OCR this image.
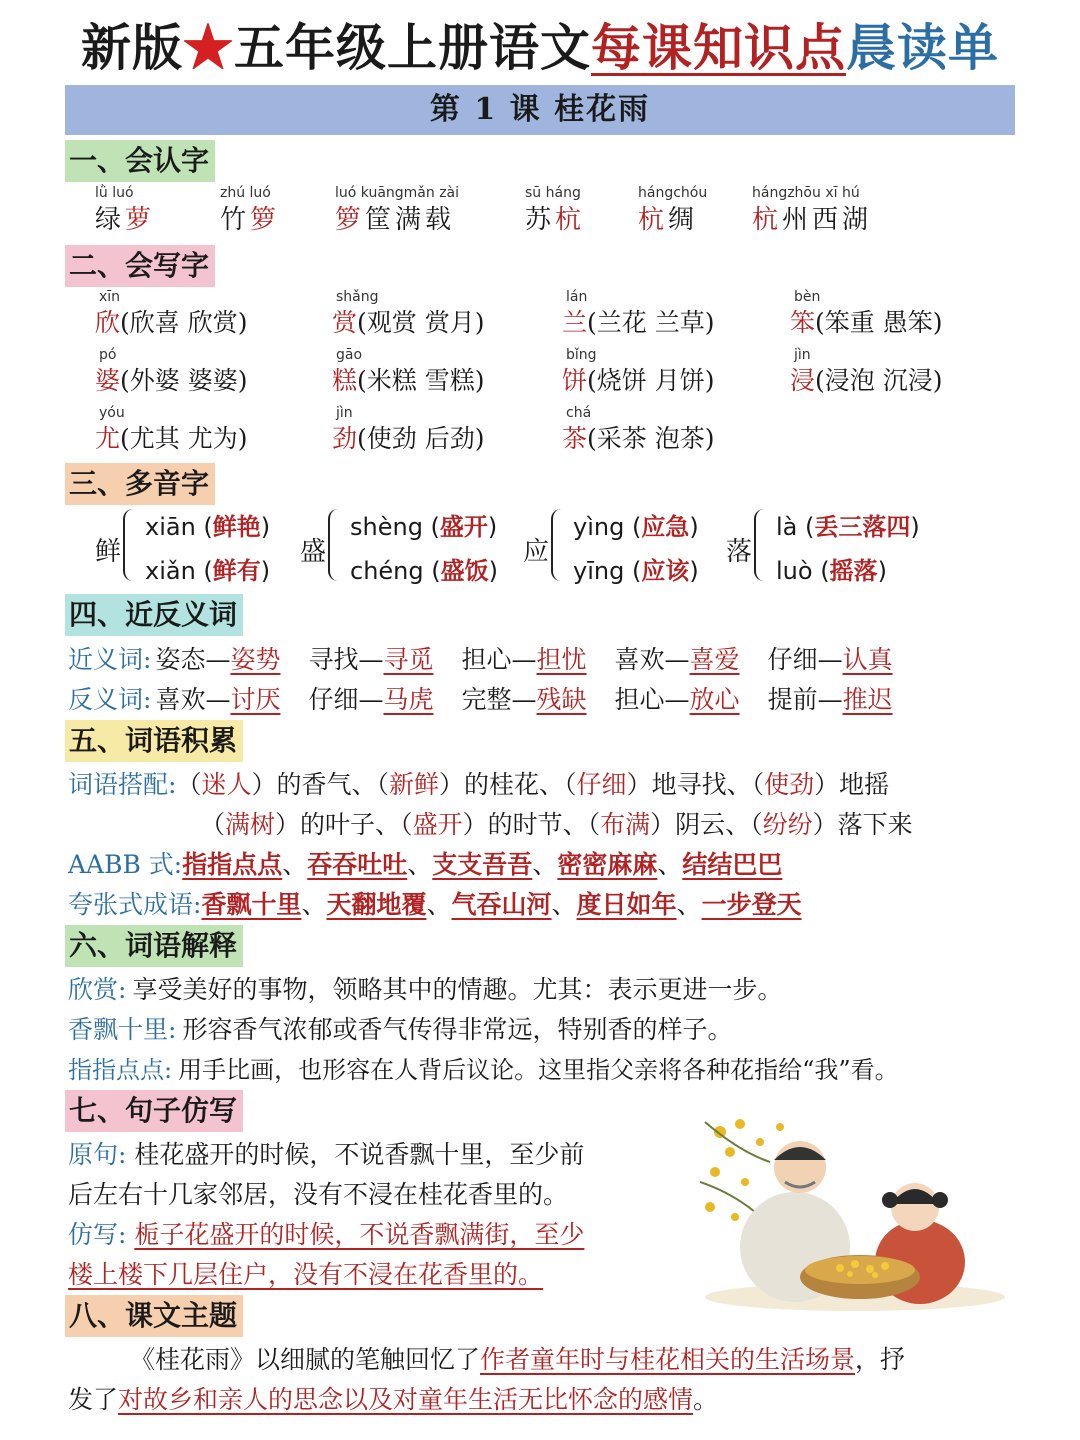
新版★五年级上册语文每课知识点晨读单
第 1 课 桂花雨
一、会认字
lǜ luó
绿萝
zhú luó
竹箩
luó kuāngmǎn zài
箩筐满载
sū háng
苏杭
hángchóu
杭绸
hángzhōu xī hú
杭州西湖
二、会写字
xīn
欣(欣喜 欣赏)
shǎng
赏(观赏 赏月)
lán
兰(兰花 兰草)
bèn
笨(笨重 愚笨)
pó
婆(外婆 婆婆)
gāo
糕(米糕 雪糕)
bǐng
饼(烧饼 月饼)
jìn
浸(浸泡 沉浸)
yóu
尤(尤其 尤为)
jìn
劲(使劲 后劲)
chá
茶(采茶 泡茶)
三、多音字
鲜
xiān (鲜艳)
xiǎn (鲜有)
盛
shèng (盛开)
chéng (盛饭)
应
yìng (应急)
yīng (应该)
落
là (丢三落四)
luò (摇落)
四、近反义词
近义词: 姿态—姿势 寻找—寻觅 担心—担忧 喜欢—喜爱 仔细—认真
反义词: 喜欢—讨厌 仔细—马虎 完整—残缺 担心—放心 提前—推迟
五、词语积累
词语搭配:（迷人）的香气、（新鲜）的桂花、（仔细）地寻找、（使劲）地摇
（满树）的叶子、（盛开）的时节、（布满）阴云、（纷纷）落下来
AABB 式:指指点点、吞吞吐吐、支支吾吾、密密麻麻、结结巴巴
夸张式成语:香飘十里、天翻地覆、气吞山河、度日如年、一步登天
六、词语解释
欣赏: 享受美好的事物，领略其中的情趣。尤其：表示更进一步。
香飘十里: 形容香气浓郁或香气传得非常远，特别香的样子。
指指点点: 用手比画，也形容在人背后议论。这里指父亲将各种花指给“我”看。
七、句子仿写
原句: 桂花盛开的时候，不说香飘十里，至少前
后左右十几家邻居，没有不浸在桂花香里的。
仿写: 栀子花盛开的时候，不说香飘满街，至少
楼上楼下几层住户，没有不浸在花香里的。
八、课文主题
《桂花雨》以细腻的笔触回忆了作者童年时与桂花相关的生活场景，抒
发了对故乡和亲人的思念以及对童年生活无比怀念的感情。
